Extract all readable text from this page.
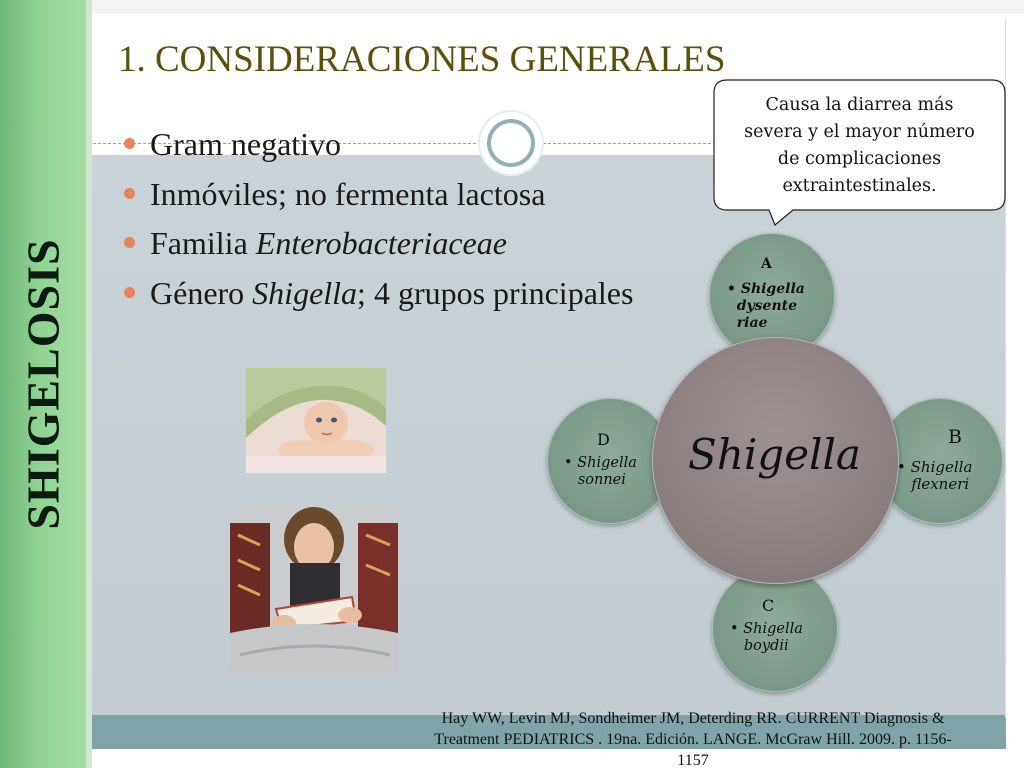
SHIGELOSIS
1. CONSIDERACIONES GENERALES
Gram negativo
Inmóviles; no fermenta lactosa
Familia Enterobacteriaceae
Género Shigella; 4 grupos principales
Causa la diarrea más
severa y el mayor número
de complicaciones
extraintestinales.
Shigella
A
• Shigella
dysente
riae
B
• Shigella
flexneri
C
• Shigella
boydii
D
• Shigella
sonnei
Hay WW, Levin MJ, Sondheimer JM, Deterding RR. CURRENT Diagnosis &
Treatment PEDIATRICS . 19na. Edición. LANGE. McGraw Hill. 2009. p. 1156-
1157
